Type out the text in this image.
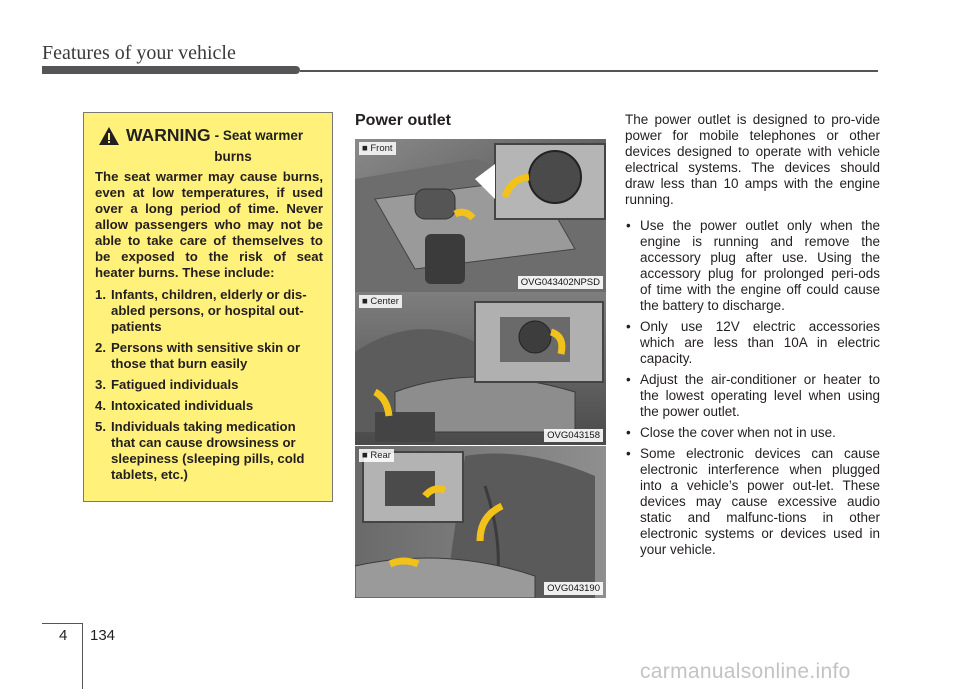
Features of your vehicle
WARNING - Seat warmer
burns

The seat warmer may cause burns, even at low temperatures, if used over a long period of time. Never allow passengers who may not be able to take care of themselves to be exposed to the risk of seat heater burns. These include:

1. Infants, children, elderly or dis-abled persons, or hospital out-patients
2. Persons with sensitive skin or those that burn easily
3. Fatigued individuals
4. Intoxicated individuals
5. Individuals taking medication that can cause drowsiness or sleepiness (sleeping pills, cold tablets, etc.)
Power outlet
■ Front
OVG043402NPSD
■ Center
OVG043158
■ Rear
OVG043190

The power outlet is designed to pro-vide power for mobile telephones or other devices designed to operate with vehicle electrical systems. The devices should draw less than 10 amps with the engine running.

• Use the power outlet only when the engine is running and remove the accessory plug after use. Using the accessory plug for prolonged peri-ods of time with the engine off could cause the battery to discharge.
• Only use 12V electric accessories which are less than 10A in electric capacity.
• Adjust the air-conditioner or heater to the lowest operating level when using the power outlet.
• Close the cover when not in use.
• Some electronic devices can cause electronic interference when plugged into a vehicle’s power out-let. These devices may cause excessive audio static and malfunc-tions in other electronic systems or devices used in your vehicle.
4 134
carmanualsonline.info
